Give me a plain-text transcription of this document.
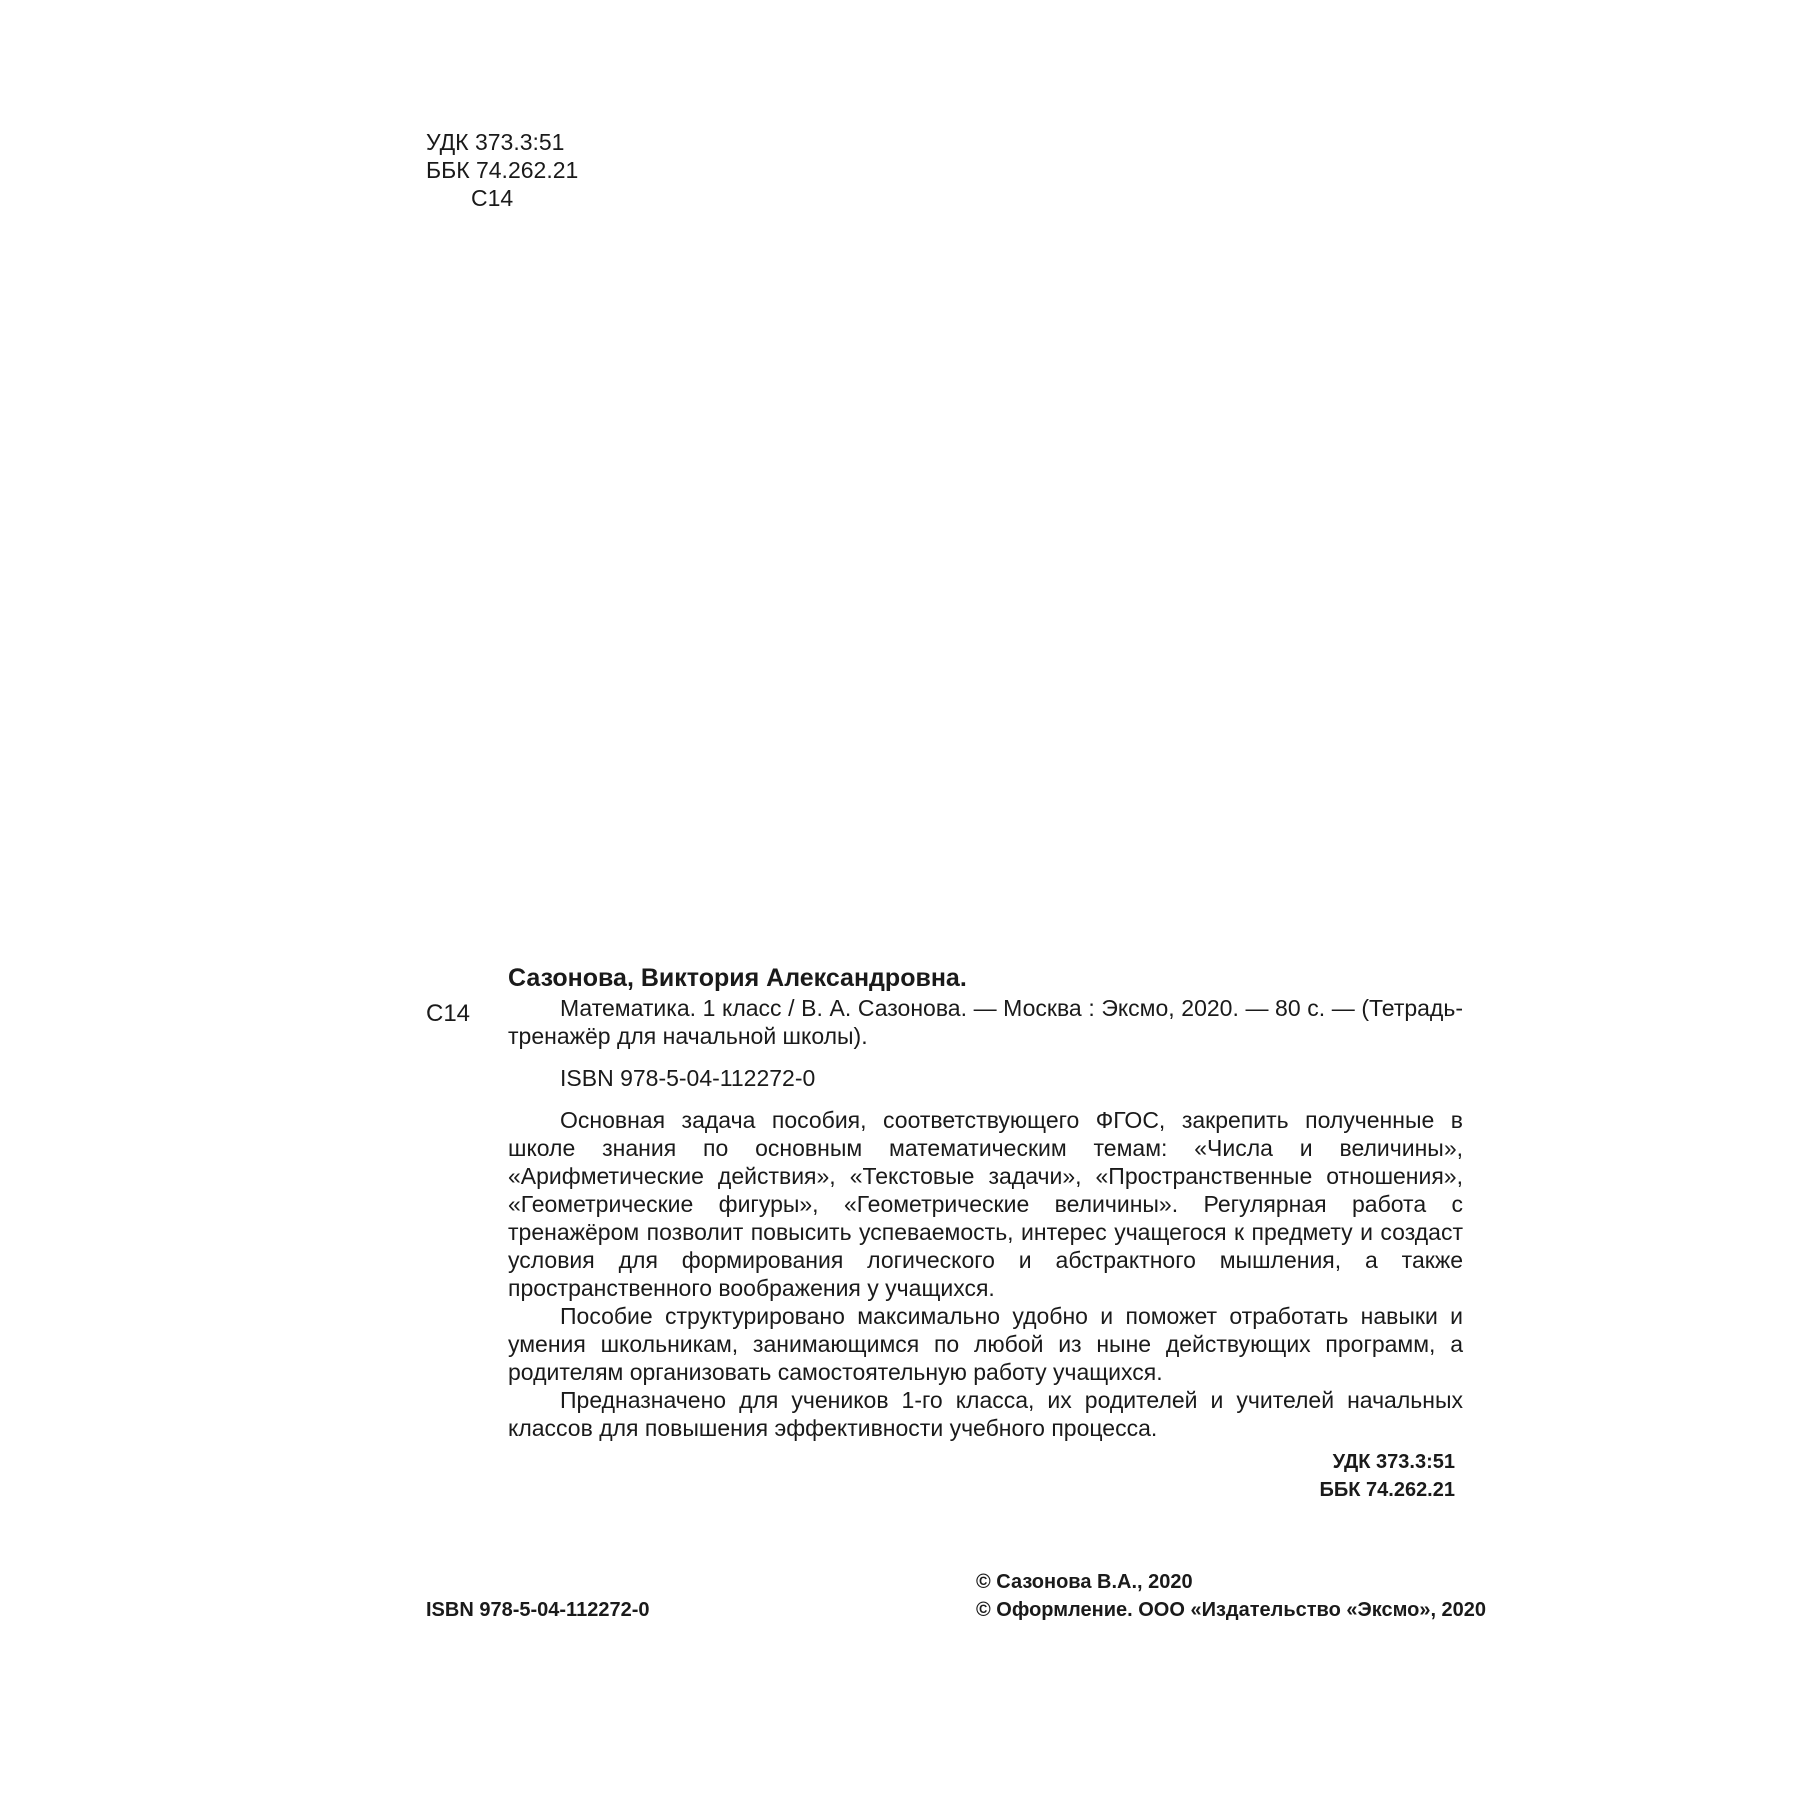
УДК 373.3:51
ББК 74.262.21
С14
С14
Сазонова, Виктория Александровна.

Математика. 1 класс / В. А. Сазонова. — Москва : Эксмо, 2020. — 80 с. — (Тетрадь-тренажёр для начальной школы).

ISBN 978-5-04-112272-0

Основная задача пособия, соответствующего ФГОС, закрепить полученные в школе знания по основным математическим темам: «Числа и величины», «Арифметические действия», «Текстовые задачи», «Пространственные отношения», «Геометрические фигуры», «Геометрические величины». Регулярная работа с тренажёром позволит повысить успеваемость, интерес учащегося к предмету и создаст условия для формирования логического и абстрактного мышления, а также пространственного воображения у учащихся.

Пособие структурировано максимально удобно и поможет отработать навыки и умения школьникам, занимающимся по любой из ныне действующих программ, а родителям организовать самостоятельную работу учащихся.

Предназначено для учеников 1-го класса, их родителей и учителей начальных классов для повышения эффективности учебного процесса.

УДК 373.3:51
ББК 74.262.21
ISBN 978-5-04-112272-0
© Сазонова В.А., 2020
© Оформление. ООО «Издательство «Эксмо», 2020
